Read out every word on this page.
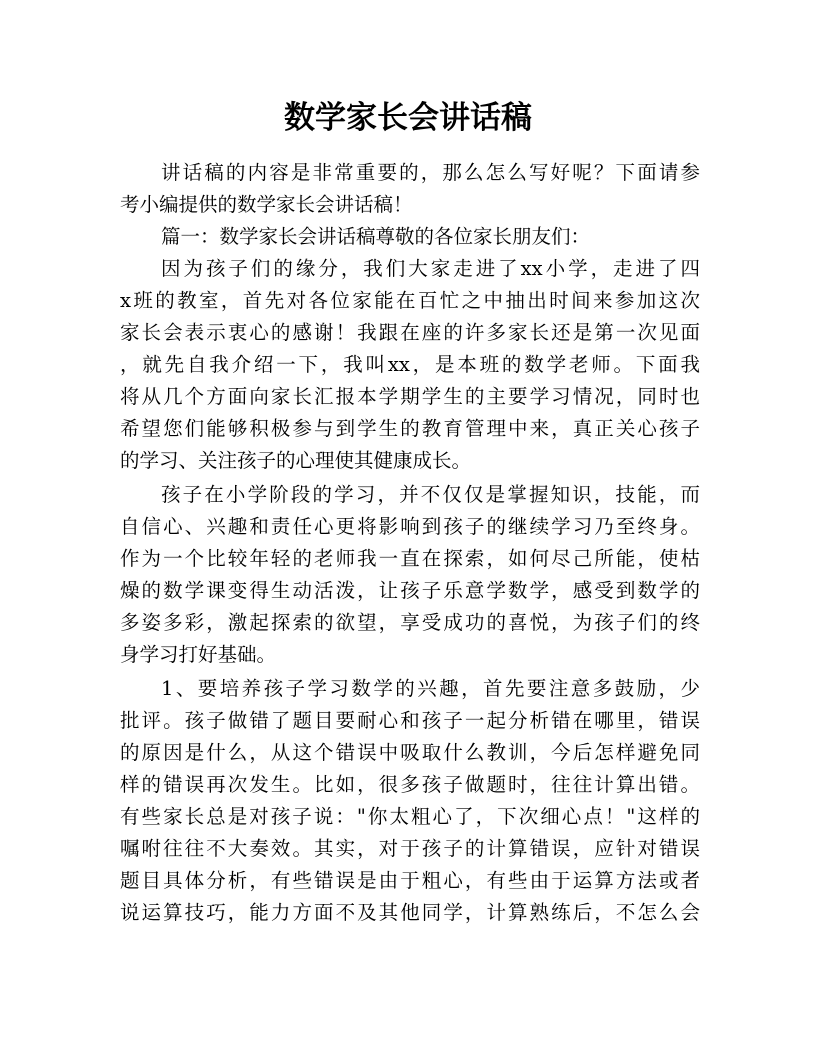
数学家长会讲话稿
讲话稿的内容是非常重要的，那么怎么写好呢？下面请参
考小编提供的数学家长会讲话稿！
篇一：数学家长会讲话稿尊敬的各位家长朋友们：
因为孩子们的缘分，我们大家走进了xx小学，走进了四
x班的教室，首先对各位家能在百忙之中抽出时间来参加这次
家长会表示衷心的感谢！我跟在座的许多家长还是第一次见面
，就先自我介绍一下，我叫xx，是本班的数学老师。下面我
将从几个方面向家长汇报本学期学生的主要学习情况，同时也
希望您们能够积极参与到学生的教育管理中来，真正关心孩子
的学习、关注孩子的心理使其健康成长。
孩子在小学阶段的学习，并不仅仅是掌握知识，技能，而
自信心、兴趣和责任心更将影响到孩子的继续学习乃至终身。
作为一个比较年轻的老师我一直在探索，如何尽己所能，使枯
燥的数学课变得生动活泼，让孩子乐意学数学，感受到数学的
多姿多彩，激起探索的欲望，享受成功的喜悦，为孩子们的终
身学习打好基础。
1、要培养孩子学习数学的兴趣，首先要注意多鼓励，少
批评。孩子做错了题目要耐心和孩子一起分析错在哪里，错误
的原因是什么，从这个错误中吸取什么教训，今后怎样避免同
样的错误再次发生。比如，很多孩子做题时，往往计算出错。
有些家长总是对孩子说："你太粗心了，下次细心点！"这样的
嘱咐往往不大奏效。其实，对于孩子的计算错误，应针对错误
题目具体分析，有些错误是由于粗心，有些由于运算方法或者
说运算技巧，能力方面不及其他同学，计算熟练后，不怎么会
